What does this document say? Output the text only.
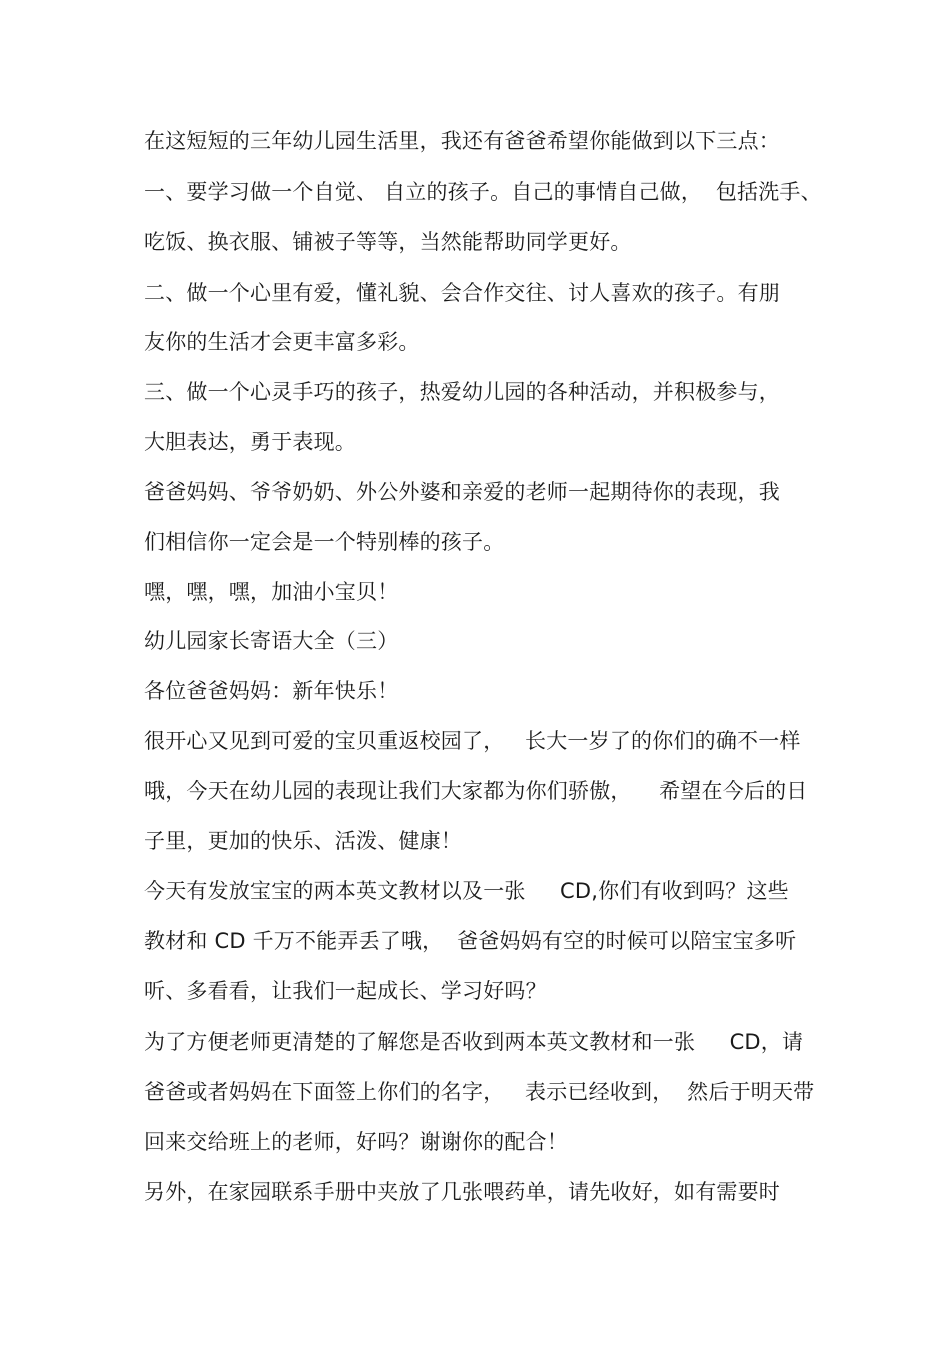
在这短短的三年幼儿园生活里，我还有爸爸希望你能做到以下三点：

一、要学习做一个自觉、 自立的孩子。自己的事情自己做，  包括洗手、

吃饭、换衣服、铺被子等等，当然能帮助同学更好。

二、做一个心里有爱，懂礼貌、会合作交往、讨人喜欢的孩子。有朋

友你的生活才会更丰富多彩。

三、做一个心灵手巧的孩子，热爱幼儿园的各种活动，并积极参与，

大胆表达，勇于表现。

爸爸妈妈、爷爷奶奶、外公外婆和亲爱的老师一起期待你的表现，我

们相信你一定会是一个特别棒的孩子。

嘿，嘿，嘿，加油小宝贝！

幼儿园家长寄语大全（三）

各位爸爸妈妈：新年快乐！

很开心又见到可爱的宝贝重返校园了，   长大一岁了的你们的确不一样

哦，今天在幼儿园的表现让我们大家都为你们骄傲，    希望在今后的日

子里，更加的快乐、活泼、健康！

今天有发放宝宝的两本英文教材以及一张     CD,你们有收到吗？这些

教材和 CD 千万不能弄丢了哦，  爸爸妈妈有空的时候可以陪宝宝多听

听、多看看，让我们一起成长、学习好吗？

为了方便老师更清楚的了解您是否收到两本英文教材和一张     CD，请

爸爸或者妈妈在下面签上你们的名字，   表示已经收到，  然后于明天带

回来交给班上的老师，好吗？谢谢你的配合！

另外，在家园联系手册中夹放了几张喂药单，请先收好，如有需要时
